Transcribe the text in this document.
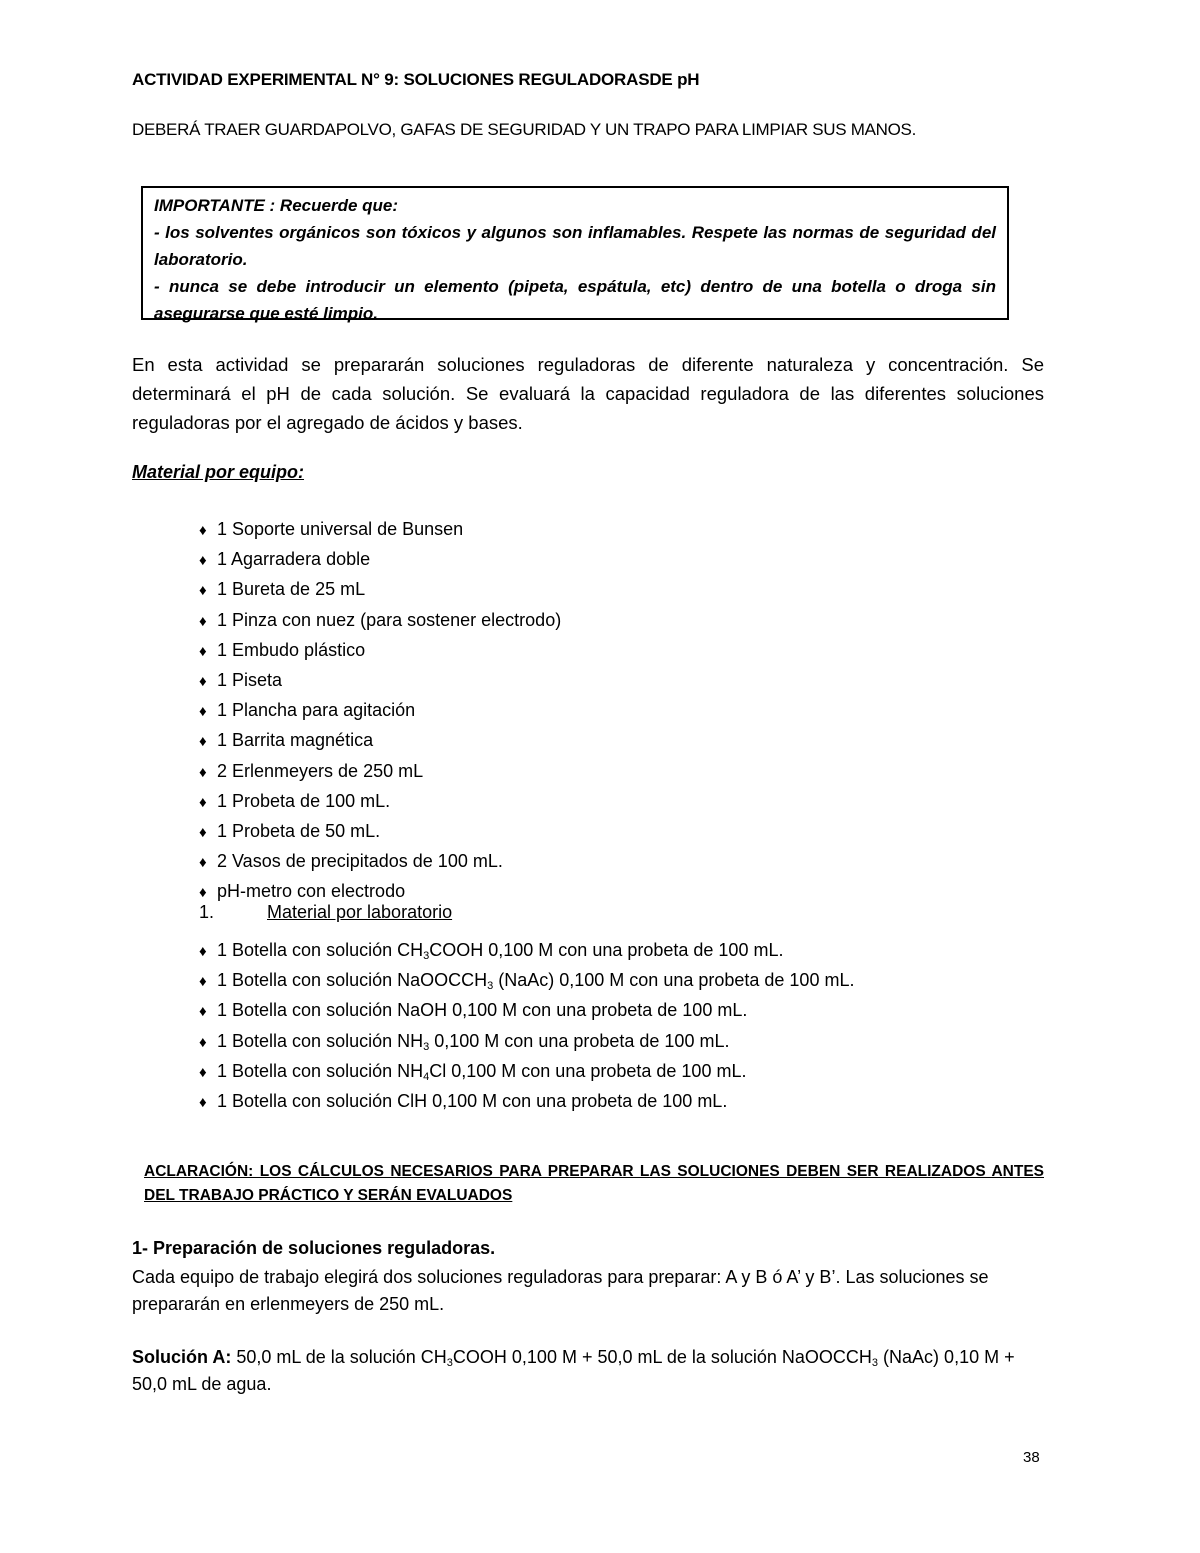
ACTIVIDAD EXPERIMENTAL N° 9: SOLUCIONES REGULADORASDE pH
DEBERÁ TRAER GUARDAPOLVO, GAFAS DE SEGURIDAD Y UN TRAPO PARA LIMPIAR SUS MANOS.

IMPORTANTE : Recuerde que:

- los solventes orgánicos son tóxicos y algunos son inflamables. Respete las normas de seguridad del laboratorio.

- nunca se debe introducir un elemento (pipeta, espátula, etc) dentro de una botella o droga sin asegurarse que esté limpio.

En esta actividad se prepararán soluciones reguladoras de diferente naturaleza y concentración. Se determinará el pH de cada solución. Se evaluará la capacidad reguladora de las diferentes soluciones reguladoras por el agregado de ácidos y bases.

Material por equipo:

♦ 1 Soporte universal de Bunsen
♦ 1 Agarradera doble
♦ 1 Bureta de 25 mL
♦ 1 Pinza con nuez (para sostener electrodo)
♦ 1 Embudo plástico
♦ 1 Piseta
♦ 1 Plancha para agitación
♦ 1 Barrita magnética
♦ 2 Erlenmeyers de 250 mL
♦ 1 Probeta de 100 mL.
♦ 1 Probeta de 50 mL.
♦ 2 Vasos de precipitados de 100 mL.
♦ pH-metro con electrodo

1.	Material por laboratorio

♦ 1 Botella con solución $CH_3COOH$ 0,100 M con una probeta de 100 mL.
♦ 1 Botella con solución NaOOCCH$_3$ (NaAc) 0,100 M con una probeta de 100 mL.
♦ 1 Botella con solución NaOH 0,100 M con una probeta de 100 mL.
♦ 1 Botella con solución $NH_3$ 0,100 M con una probeta de 100 mL.
♦ 1 Botella con solución $NH_4Cl$ 0,100 M con una probeta de 100 mL.
♦ 1 Botella con solución ClH 0,100 M con una probeta de 100 mL.

ACLARACIÓN: LOS CÁLCULOS NECESARIOS PARA PREPARAR LAS SOLUCIONES DEBEN SER REALIZADOS ANTES DEL TRABAJO PRÁCTICO Y SERÁN EVALUADOS

1- Preparación de soluciones reguladoras.

Cada equipo de trabajo elegirá dos soluciones reguladoras para preparar: A y B ó A’ y B’. Las soluciones se prepararán en erlenmeyers de 250 mL.

Solución A: 50,0 mL de la solución $CH_3COOH$ 0,100 M + 50,0 mL de la solución NaOOCCH$_3$ (NaAc) 0,10 M + 50,0 mL de agua.

38
